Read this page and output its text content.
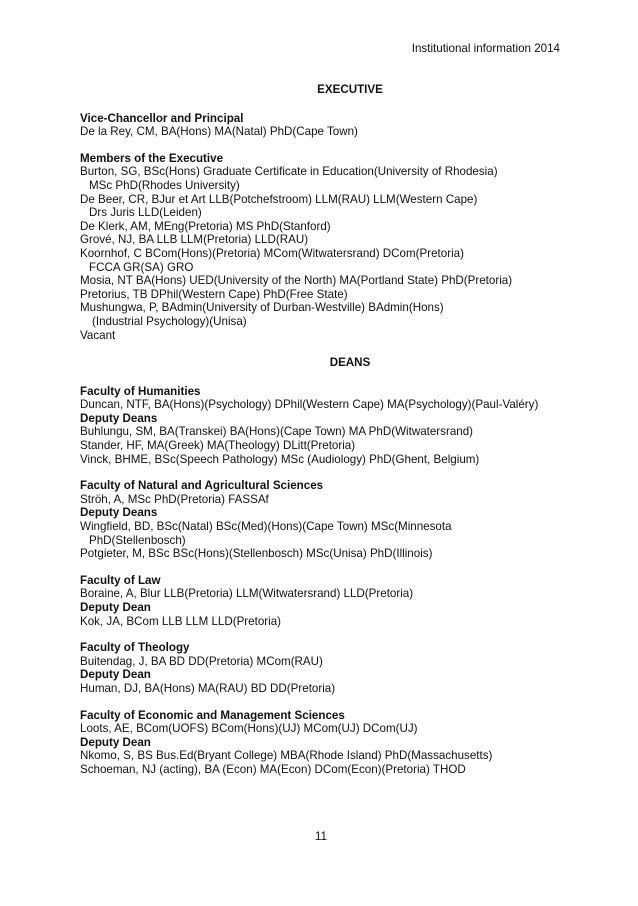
Institutional information 2014
EXECUTIVE
Vice-Chancellor and Principal
De la Rey, CM, BA(Hons) MA(Natal) PhD(Cape Town)
Members of the Executive
Burton, SG, BSc(Hons) Graduate Certificate in Education(University of Rhodesia)
MSc PhD(Rhodes University)
De Beer, CR, BJur et Art LLB(Potchefstroom) LLM(RAU) LLM(Western Cape)
Drs Juris LLD(Leiden)
De Klerk, AM, MEng(Pretoria) MS PhD(Stanford)
Grové, NJ, BA LLB LLM(Pretoria) LLD(RAU)
Koornhof, C BCom(Hons)(Pretoria) MCom(Witwatersrand) DCom(Pretoria)
FCCA GR(SA) GRO
Mosia, NT BA(Hons) UED(University of the North) MA(Portland State) PhD(Pretoria)
Pretorius, TB DPhil(Western Cape) PhD(Free State)
Mushungwa, P, BAdmin(University of Durban-Westville) BAdmin(Hons)
(Industrial Psychology)(Unisa)
Vacant
DEANS
Faculty of Humanities
Duncan, NTF, BA(Hons)(Psychology) DPhil(Western Cape) MA(Psychology)(Paul-Valéry)
Deputy Deans
Buhlungu, SM, BA(Transkei) BA(Hons)(Cape Town) MA PhD(Witwatersrand)
Stander, HF, MA(Greek) MA(Theology) DLitt(Pretoria)
Vinck, BHME, BSc(Speech Pathology) MSc (Audiology) PhD(Ghent, Belgium)
Faculty of Natural and Agricultural Sciences
Ströh, A, MSc PhD(Pretoria) FASSAf
Deputy Deans
Wingfield, BD, BSc(Natal) BSc(Med)(Hons)(Cape Town) MSc(Minnesota
PhD(Stellenbosch)
Potgieter, M, BSc BSc(Hons)(Stellenbosch) MSc(Unisa) PhD(Illinois)
Faculty of Law
Boraine, A, Blur LLB(Pretoria) LLM(Witwatersrand) LLD(Pretoria)
Deputy Dean
Kok, JA, BCom LLB LLM LLD(Pretoria)
Faculty of Theology
Buitendag, J, BA BD DD(Pretoria) MCom(RAU)
Deputy Dean
Human, DJ, BA(Hons) MA(RAU) BD DD(Pretoria)
Faculty of Economic and Management Sciences
Loots, AE, BCom(UOFS) BCom(Hons)(UJ) MCom(UJ) DCom(UJ)
Deputy Dean
Nkomo, S, BS Bus.Ed(Bryant College) MBA(Rhode Island) PhD(Massachusetts)
Schoeman, NJ (acting), BA (Econ) MA(Econ) DCom(Econ)(Pretoria) THOD
11
